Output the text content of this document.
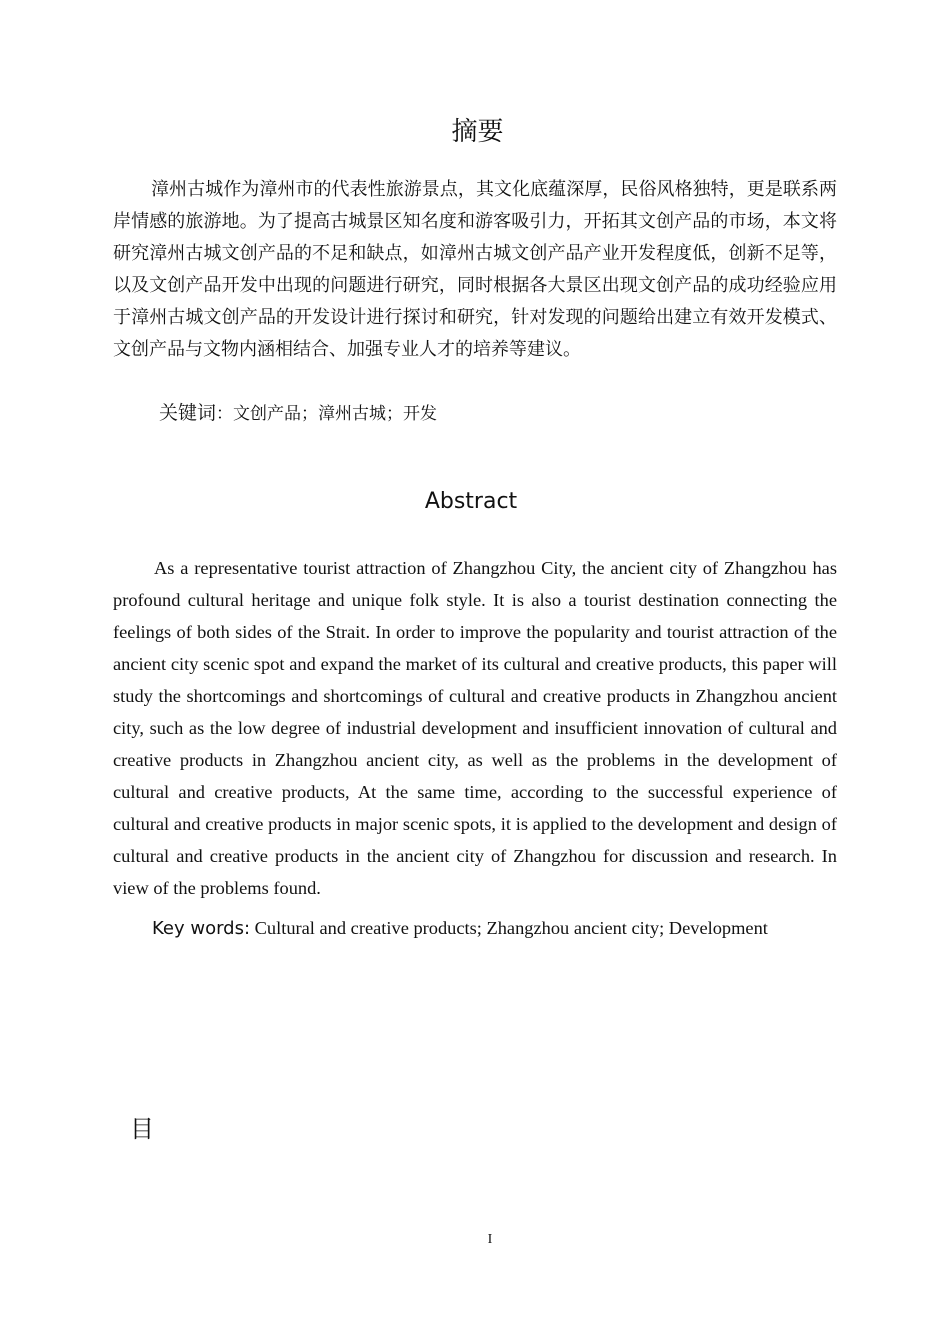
摘要

漳州古城作为漳州市的代表性旅游景点，其文化底蕴深厚，民俗风格独特，更是联系两岸情感的旅游地。为了提高古城景区知名度和游客吸引力，开拓其文创产品的市场，本文将研究漳州古城文创产品的不足和缺点，如漳州古城文创产品产业开发程度低，创新不足等，以及文创产品开发中出现的问题进行研究，同时根据各大景区出现文创产品的成功经验应用于漳州古城文创产品的开发设计进行探讨和研究，针对发现的问题给出建立有效开发模式、文创产品与文物内涵相结合、加强专业人才的培养等建议。

关键词：文创产品；漳州古城；开发

Abstract

As a representative tourist attraction of Zhangzhou City, the ancient city of Zhangzhou has profound cultural heritage and unique folk style. It is also a tourist destination connecting the feelings of both sides of the Strait. In order to improve the popularity and tourist attraction of the ancient city scenic spot and expand the market of its cultural and creative products, this paper will study the shortcomings and shortcomings of cultural and creative products in Zhangzhou ancient city, such as the low degree of industrial development and insufficient innovation of cultural and creative products in Zhangzhou ancient city, as well as the problems in the development of cultural and creative products, At the same time, according to the successful experience of cultural and creative products in major scenic spots, it is applied to the development and design of cultural and creative products in the ancient city of Zhangzhou for discussion and research. In view of the problems found.

Key words: Cultural and creative products; Zhangzhou ancient city; Development

目
I
